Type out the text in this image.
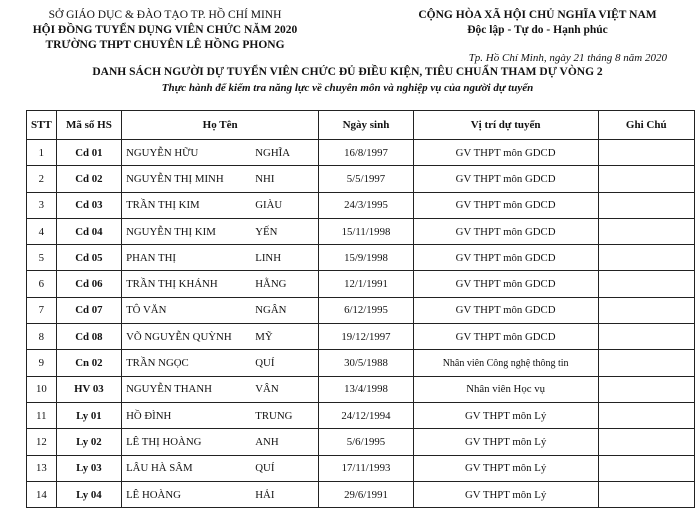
SỞ GIÁO DỤC & ĐÀO TẠO TP. HỒ CHÍ MINH
HỘI ĐỒNG TUYỂN DỤNG VIÊN CHỨC NĂM 2020
TRƯỜNG THPT CHUYÊN LÊ HỒNG PHONG
CỘNG HÒA XÃ HỘI CHỦ NGHĨA VIỆT NAM
Độc lập - Tự do - Hạnh phúc
Tp. Hồ Chí Minh, ngày 21 tháng 8 năm 2020
DANH SÁCH NGƯỜI DỰ TUYỂN VIÊN CHỨC ĐỦ ĐIỀU KIỆN, TIÊU CHUẨN THAM DỰ VÒNG 2
Thực hành để kiểm tra năng lực về chuyên môn và nghiệp vụ của người dự tuyển
STT	Mã số HS	Họ Tên	Ngày sinh	Vị trí dự tuyển	Ghi Chú
1	Cd 01	NGUYỄN HỮU NGHĨA	16/8/1997	GV THPT môn GDCD	
2	Cd 02	NGUYỄN THỊ MINH NHI	5/5/1997	GV THPT môn GDCD	
3	Cd 03	TRẦN THỊ KIM GIÀU	24/3/1995	GV THPT môn GDCD	
4	Cd 04	NGUYỄN THỊ KIM YẾN	15/11/1998	GV THPT môn GDCD	
5	Cd 05	PHAN THỊ LINH	15/9/1998	GV THPT môn GDCD	
6	Cd 06	TRẦN THỊ KHÁNH HẰNG	12/1/1991	GV THPT môn GDCD	
7	Cd 07	TÔ VĂN NGÂN	6/12/1995	GV THPT môn GDCD	
8	Cd 08	VÕ NGUYỄN QUỲNH MỸ	19/12/1997	GV THPT môn GDCD	
9	Cn 02	TRẦN NGỌC QUÍ	30/5/1988	Nhân viên Công nghệ thông tin	
10	HV 03	NGUYỄN THANH VÂN	13/4/1998	Nhân viên Học vụ	
11	Ly 01	HỒ ĐÌNH TRUNG	24/12/1994	GV THPT môn Lý	
12	Ly 02	LÊ THỊ HOÀNG ANH	5/6/1995	GV THPT môn Lý	
13	Ly 03	LÂU HÀ SÂM QUÍ	17/11/1993	GV THPT môn Lý	
14	Ly 04	LÊ HOÀNG HẢI	29/6/1991	GV THPT môn Lý	
